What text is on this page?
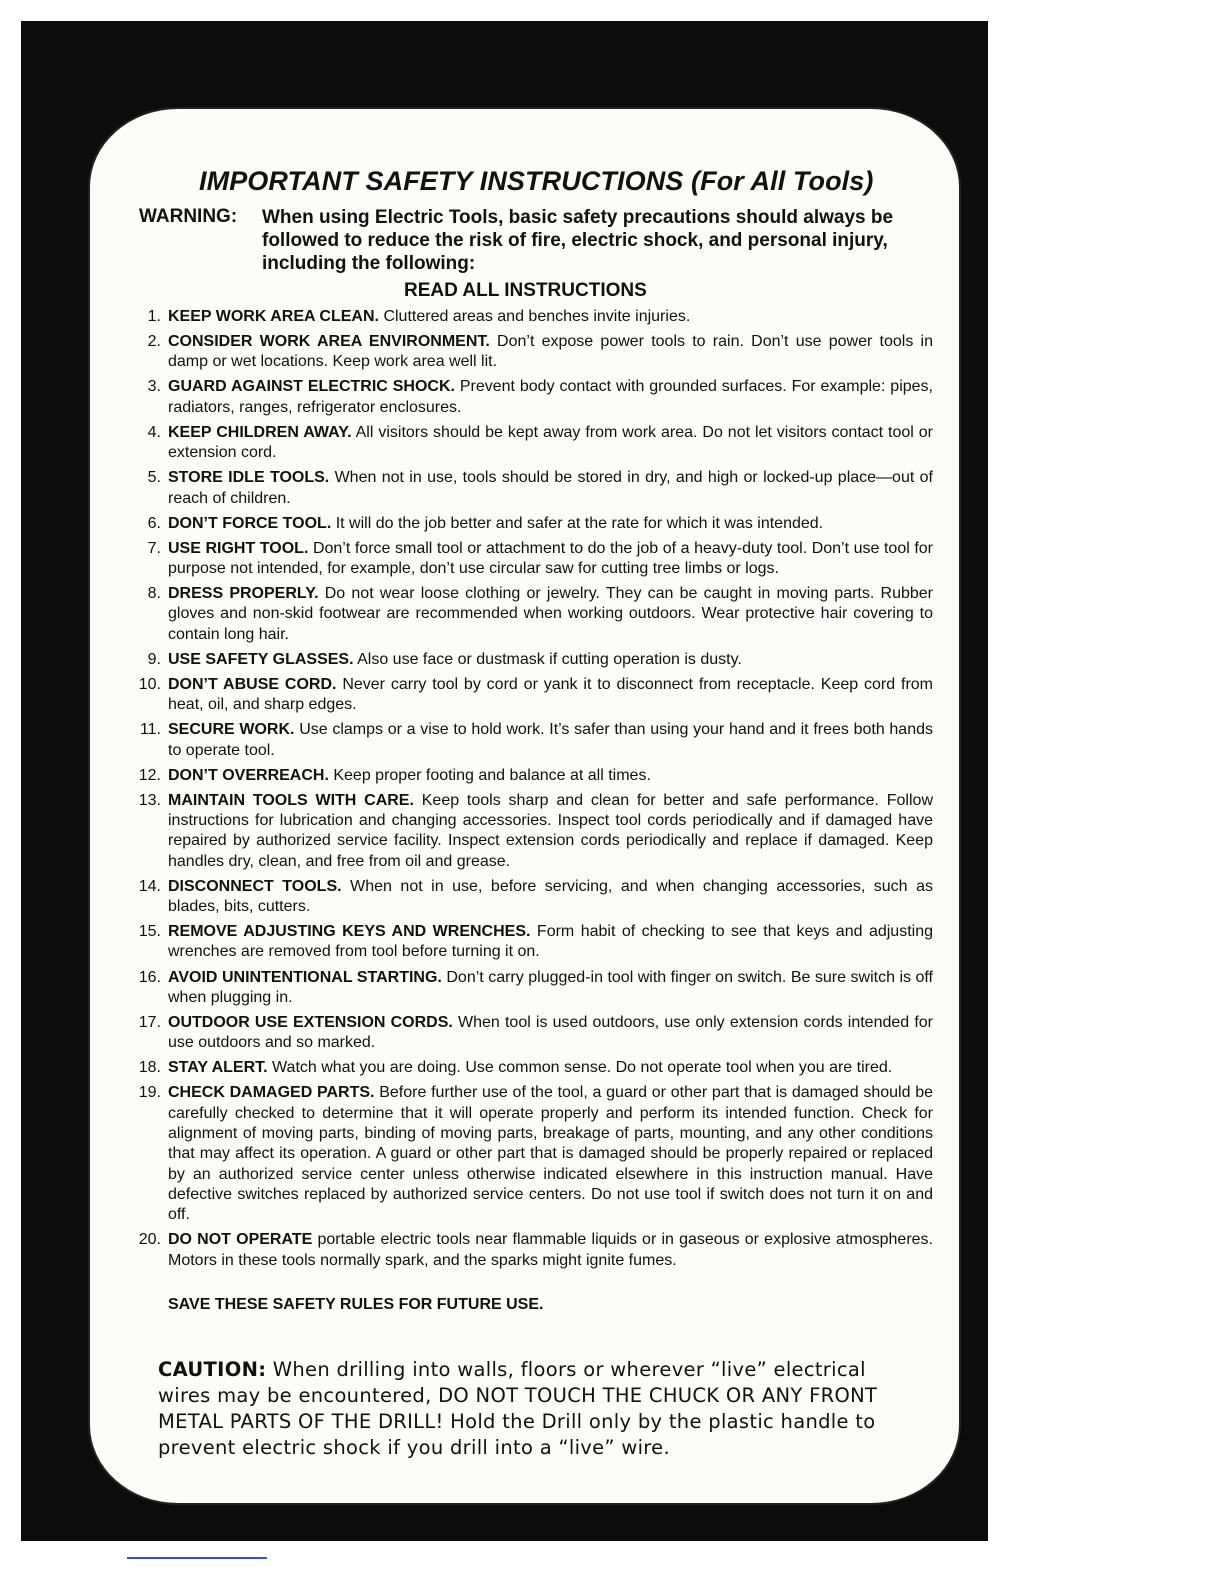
IMPORTANT SAFETY INSTRUCTIONS (For All Tools)
WARNING: When using Electric Tools, basic safety precautions should always be followed to reduce the risk of fire, electric shock, and personal injury, including the following:
READ ALL INSTRUCTIONS
1. KEEP WORK AREA CLEAN. Cluttered areas and benches invite injuries.
2. CONSIDER WORK AREA ENVIRONMENT. Don’t expose power tools to rain. Don’t use power tools in damp or wet locations. Keep work area well lit.
3. GUARD AGAINST ELECTRIC SHOCK. Prevent body contact with grounded surfaces. For example: pipes, radiators, ranges, refrigerator enclosures.
4. KEEP CHILDREN AWAY. All visitors should be kept away from work area. Do not let visitors contact tool or extension cord.
5. STORE IDLE TOOLS. When not in use, tools should be stored in dry, and high or locked-up place—out of reach of children.
6. DON’T FORCE TOOL. It will do the job better and safer at the rate for which it was intended.
7. USE RIGHT TOOL. Don’t force small tool or attachment to do the job of a heavy-duty tool. Don’t use tool for purpose not intended, for example, don’t use circular saw for cutting tree limbs or logs.
8. DRESS PROPERLY. Do not wear loose clothing or jewelry. They can be caught in moving parts. Rubber gloves and non-skid footwear are recommended when working outdoors. Wear protective hair covering to contain long hair.
9. USE SAFETY GLASSES. Also use face or dustmask if cutting operation is dusty.
10. DON’T ABUSE CORD. Never carry tool by cord or yank it to disconnect from receptacle. Keep cord from heat, oil, and sharp edges.
11. SECURE WORK. Use clamps or a vise to hold work. It’s safer than using your hand and it frees both hands to operate tool.
12. DON’T OVERREACH. Keep proper footing and balance at all times.
13. MAINTAIN TOOLS WITH CARE. Keep tools sharp and clean for better and safe performance. Follow instructions for lubrication and changing accessories. Inspect tool cords periodically and if damaged have repaired by authorized service facility. Inspect extension cords periodically and replace if damaged. Keep handles dry, clean, and free from oil and grease.
14. DISCONNECT TOOLS. When not in use, before servicing, and when changing accessories, such as blades, bits, cutters.
15. REMOVE ADJUSTING KEYS AND WRENCHES. Form habit of checking to see that keys and adjusting wrenches are removed from tool before turning it on.
16. AVOID UNINTENTIONAL STARTING. Don’t carry plugged-in tool with finger on switch. Be sure switch is off when plugging in.
17. OUTDOOR USE EXTENSION CORDS. When tool is used outdoors, use only extension cords intended for use outdoors and so marked.
18. STAY ALERT. Watch what you are doing. Use common sense. Do not operate tool when you are tired.
19. CHECK DAMAGED PARTS. Before further use of the tool, a guard or other part that is damaged should be carefully checked to determine that it will operate properly and perform its intended function. Check for alignment of moving parts, binding of moving parts, breakage of parts, mounting, and any other conditions that may affect its operation. A guard or other part that is damaged should be properly repaired or replaced by an authorized service center unless otherwise indicated elsewhere in this instruction manual. Have defective switches replaced by authorized service centers. Do not use tool if switch does not turn it on and off.
20. DO NOT OPERATE portable electric tools near flammable liquids or in gaseous or explosive atmospheres. Motors in these tools normally spark, and the sparks might ignite fumes.
SAVE THESE SAFETY RULES FOR FUTURE USE.
CAUTION: When drilling into walls, floors or wherever “live” electrical wires may be encountered, DO NOT TOUCH THE CHUCK OR ANY FRONT METAL PARTS OF THE DRILL! Hold the Drill only by the plastic handle to prevent electric shock if you drill into a “live” wire.
